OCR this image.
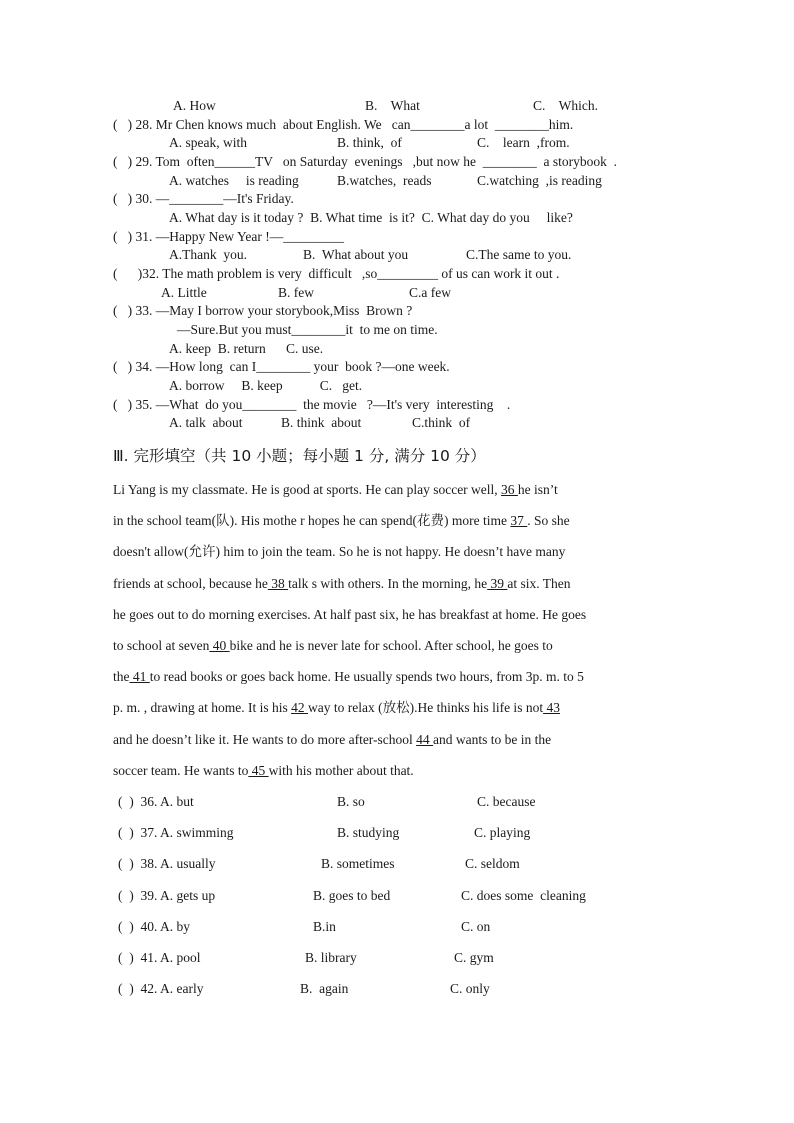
A. How	B.    What	C.    Which.
(   ) 28. Mr Chen knows much  about English. We   can________a lot  ________him.
A. speak, with	B. think,  of	C.    learn  ,from.
(   ) 29. Tom  often______TV   on Saturday  evenings   ,but now he  ________  a storybook  .
A. watches     is reading	B.watches,  reads	C.watching  ,is reading
(   ) 30. —________—It's Friday.
A. What day is it today ?  B. What time  is it?  C. What day do you     like?
(   ) 31. —Happy New Year !—_________
A.Thank  you.	B.  What about you	C.The same to you.
(      )32. The math problem is very  difficult   ,so_________ of us can work it out .
A. Little	B. few	C.a few
(   ) 33. —May I borrow your storybook,Miss  Brown ?
—Sure.But you must________it  to me on time.
A. keep  B. return      C. use.
(   ) 34. —How long  can I________ your  book ?—one week.
A. borrow     B. keep           C.   get.
(   ) 35. —What  do you________  the movie   ?—It's very  interesting    .
A. talk  about	B. think  about	C.think  of
Ⅲ. 完形填空（共 10 小题；每小题 1 分, 满分 10 分）
Li Yang is my classmate. He is good at sports. He can play soccer well, 36 he isn’t
in the school team(队). His mothe r hopes he can spend(花费) more time 37 . So she
doesn't allow(允许) him to join the team. So he is not happy. He doesn’t have many
friends at school, because he 38 talk s with others. In the morning, he 39 at six. Then
he goes out to do morning exercises. At half past six, he has breakfast at home. He goes
to school at seven 40 bike and he is never late for school. After school, he goes to
the 41 to read books or goes back home. He usually spends two hours, from 3p. m. to 5
p. m. , drawing at home. It is his 42 way to relax (放松).He thinks his life is not 43
and he doesn’t like it. He wants to do more after-school 44 and wants to be in the
soccer team. He wants to 45 with his mother about that.
(  )  36. A. but	B. so	C. because
(  )  37. A. swimming	B. studying	C. playing
(  )  38. A. usually	B. sometimes	C. seldom
(  )  39. A. gets up	B. goes to bed	C. does some  cleaning
(  )  40. A. by	B.in	C. on
(  )  41. A. pool	B. library	C. gym
(  )  42. A. early	B.  again	C. only
